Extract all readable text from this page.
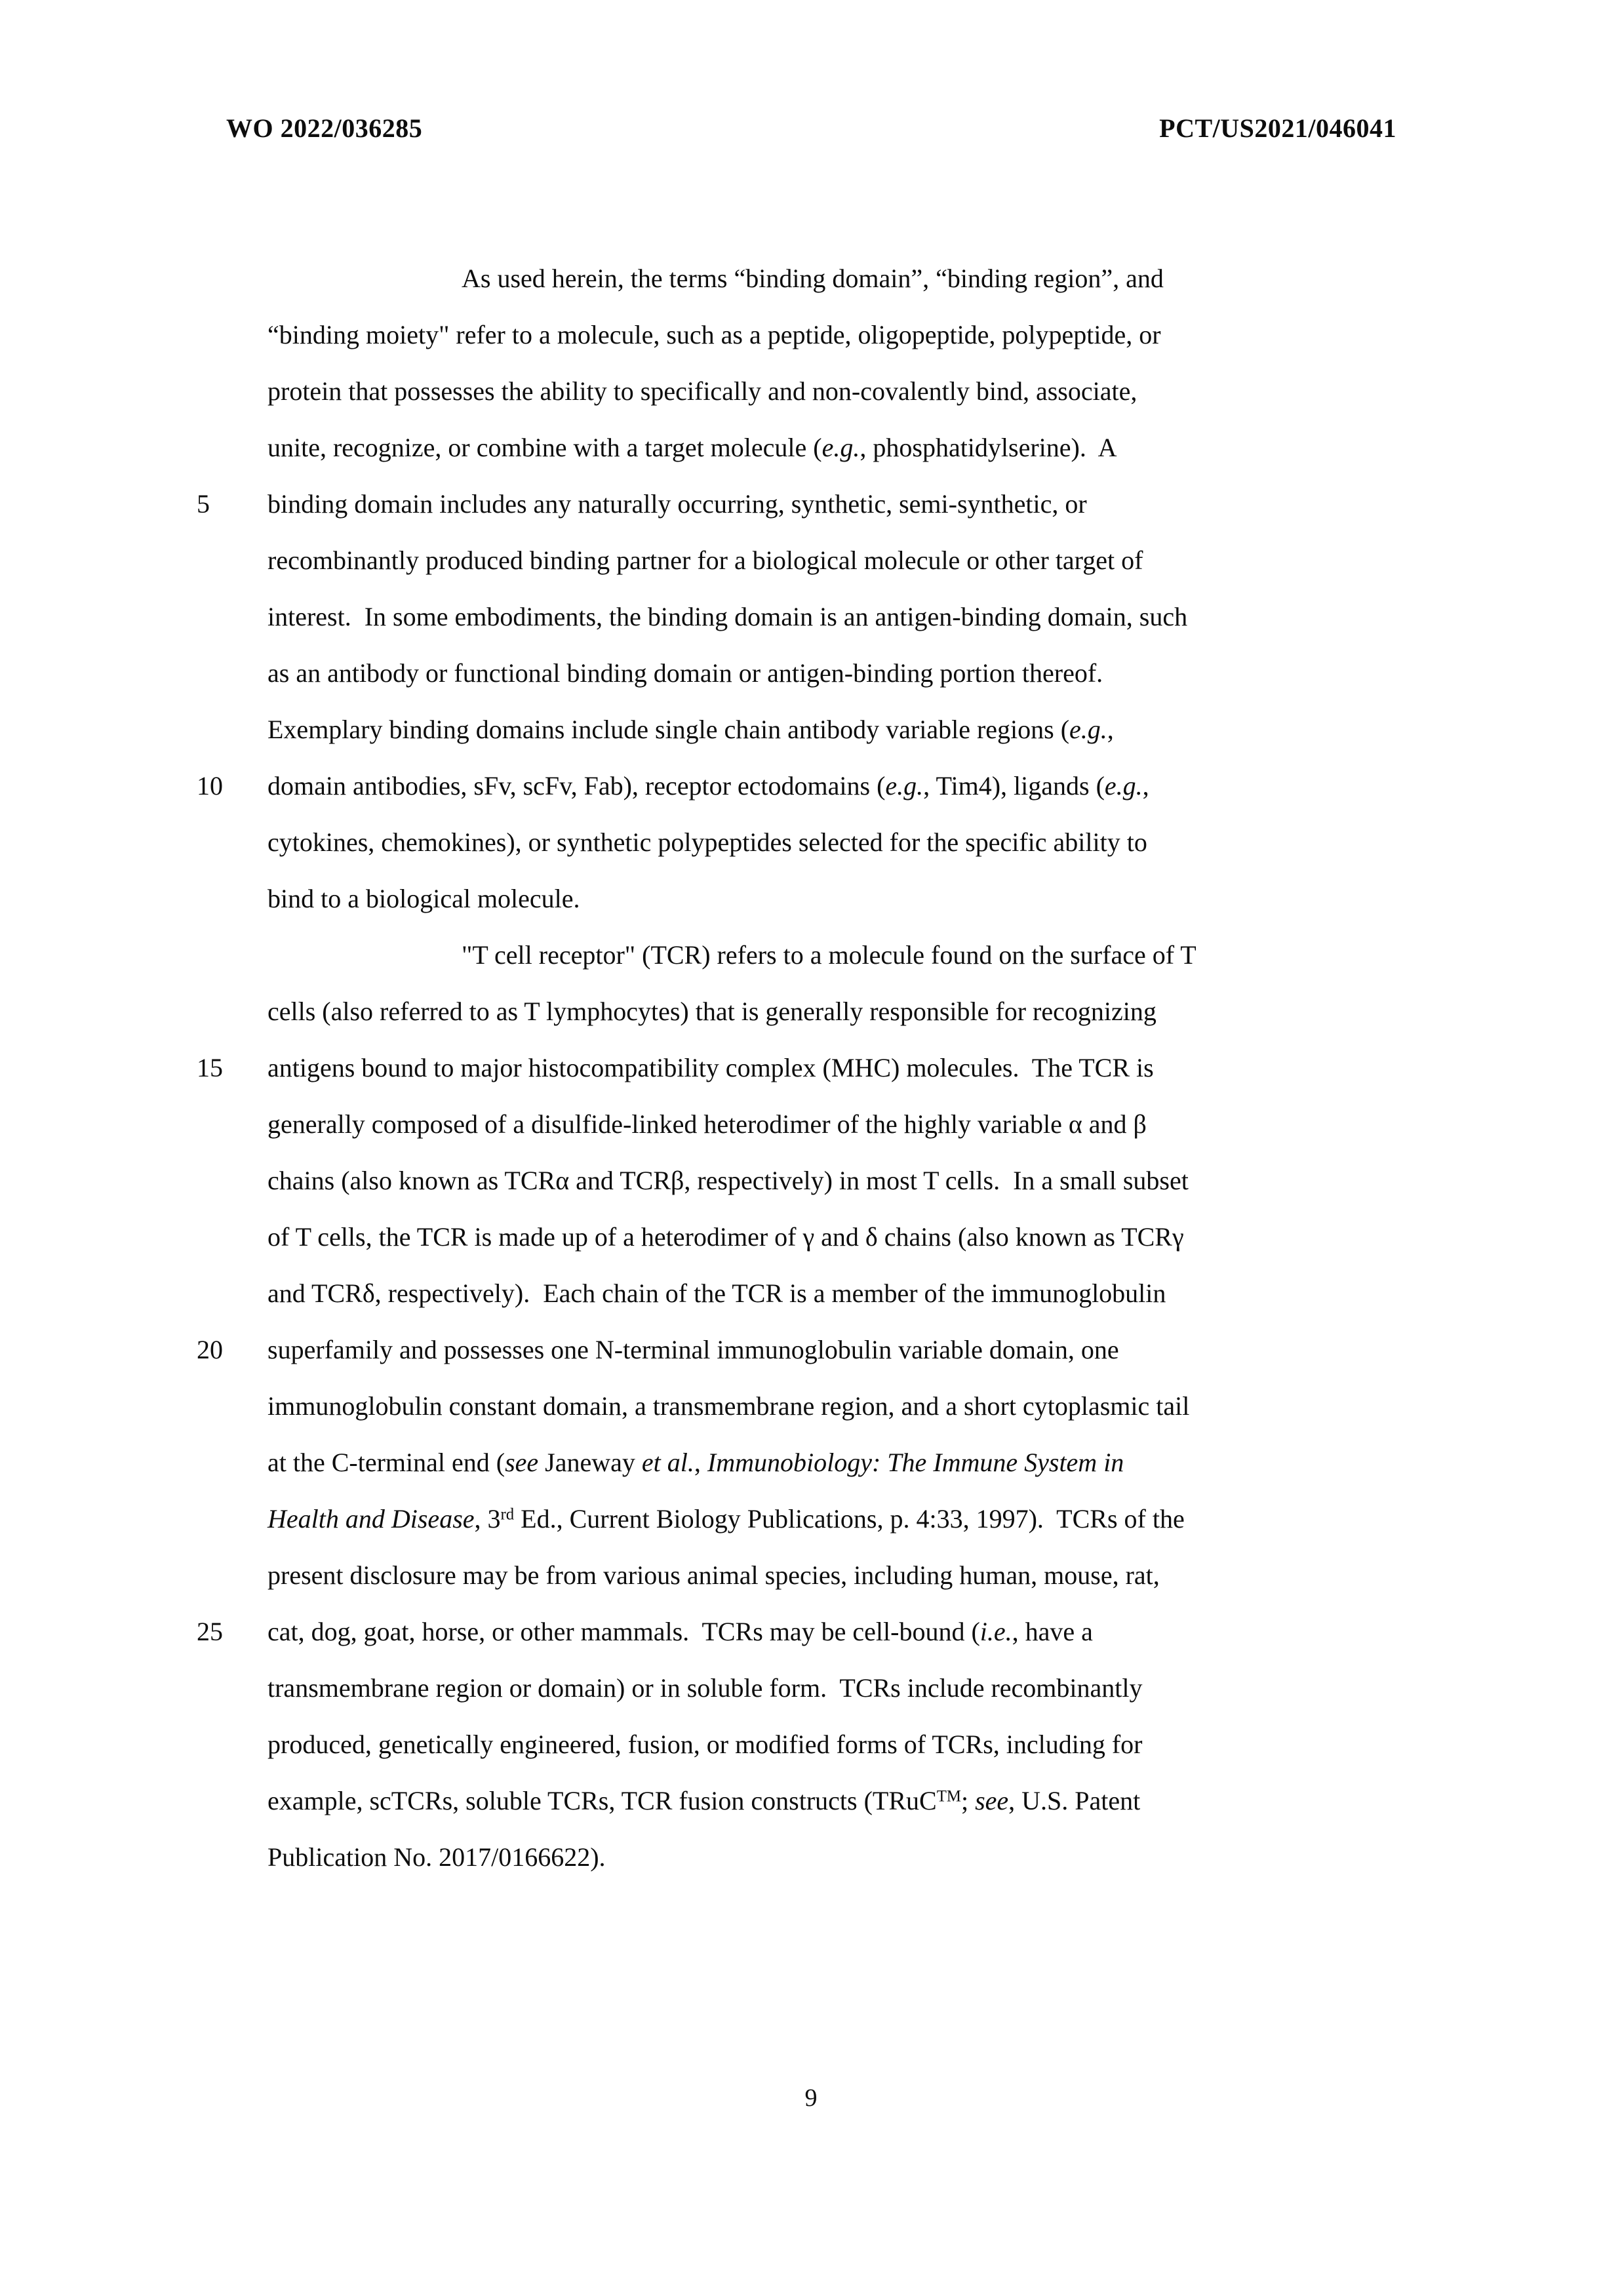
WO 2022/036285	PCT/US2021/046041
5
10
15
20
25
As used herein, the terms “binding domain”, “binding region”, and
“binding moiety" refer to a molecule, such as a peptide, oligopeptide, polypeptide, or
protein that possesses the ability to specifically and non-covalently bind, associate,
unite, recognize, or combine with a target molecule (e.g., phosphatidylserine).  A
binding domain includes any naturally occurring, synthetic, semi-synthetic, or
recombinantly produced binding partner for a biological molecule or other target of
interest.  In some embodiments, the binding domain is an antigen-binding domain, such
as an antibody or functional binding domain or antigen-binding portion thereof.
Exemplary binding domains include single chain antibody variable regions (e.g.,
domain antibodies, sFv, scFv, Fab), receptor ectodomains (e.g., Tim4), ligands (e.g.,
cytokines, chemokines), or synthetic polypeptides selected for the specific ability to
bind to a biological molecule.
"T cell receptor" (TCR) refers to a molecule found on the surface of T
cells (also referred to as T lymphocytes) that is generally responsible for recognizing
antigens bound to major histocompatibility complex (MHC) molecules.  The TCR is
generally composed of a disulfide-linked heterodimer of the highly variable α and β
chains (also known as TCRα and TCRβ, respectively) in most T cells.  In a small subset
of T cells, the TCR is made up of a heterodimer of γ and δ chains (also known as TCRγ
and TCRδ, respectively).  Each chain of the TCR is a member of the immunoglobulin
superfamily and possesses one N-terminal immunoglobulin variable domain, one
immunoglobulin constant domain, a transmembrane region, and a short cytoplasmic tail
at the C-terminal end (see Janeway et al., Immunobiology: The Immune System in
Health and Disease, 3rd Ed., Current Biology Publications, p. 4:33, 1997).  TCRs of the
present disclosure may be from various animal species, including human, mouse, rat,
cat, dog, goat, horse, or other mammals.  TCRs may be cell-bound (i.e., have a
transmembrane region or domain) or in soluble form.  TCRs include recombinantly
produced, genetically engineered, fusion, or modified forms of TCRs, including for
example, scTCRs, soluble TCRs, TCR fusion constructs (TRuC™; see, U.S. Patent
Publication No. 2017/0166622).
9
